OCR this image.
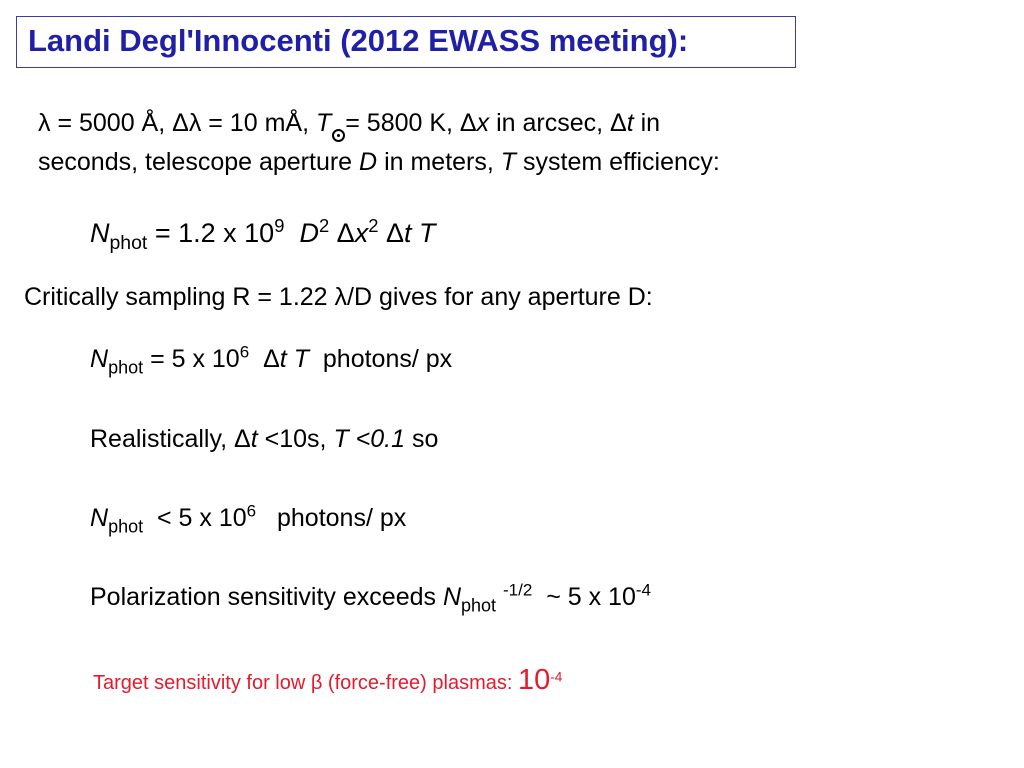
Landi Degl'Innocenti (2012 EWASS meeting):
λ = 5000 Å, Δλ = 10 mÅ, T = 5800 K, Δx in arcsec, Δt in
seconds, telescope aperture D in meters, T system efficiency:
$N_{phot} = 1.2$ x $10^9$ $D^2$ $\Delta x^2$ Δt T
Critically sampling R = 1.22 λ/D gives for any aperture D:
$N_{phot} = 5$ x $10^6$ Δt T photons/ px
Realistically, Δt <10s, T <0.1 so
$N_{phot} < 5$ x $10^6$ photons/ px
Polarization sensitivity exceeds $N_{phot}$ $^{-1/2}$ ~ 5 x $10^{-4}$
Target sensitivity for low β (force-free) plasmas: $10^{-4}$
